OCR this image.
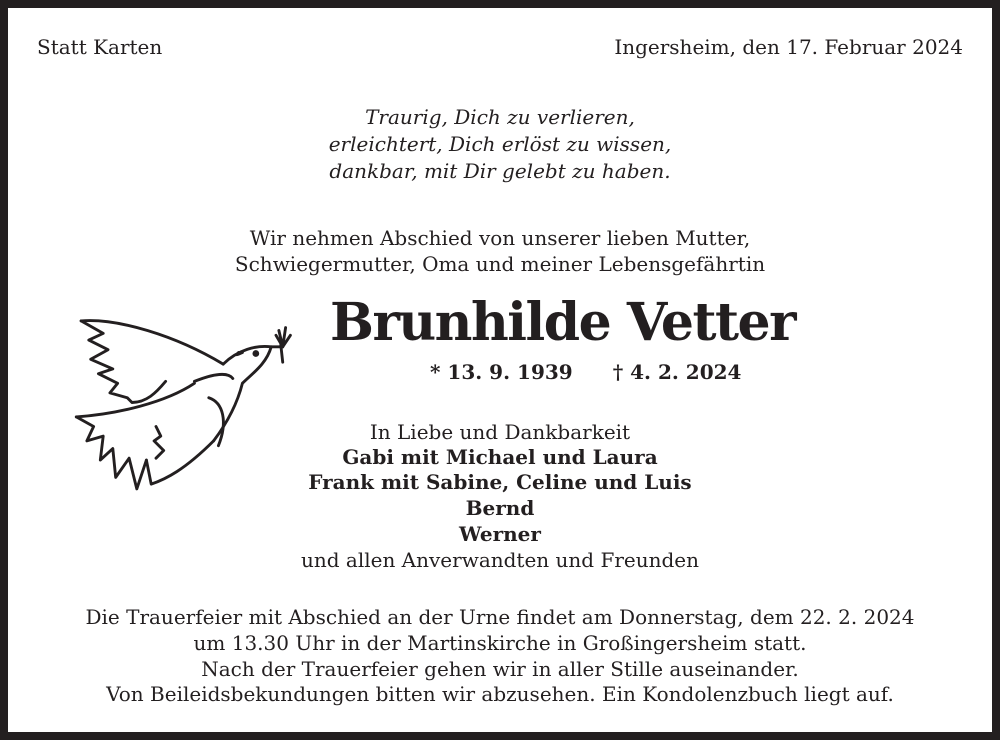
Statt Karten	Ingersheim, den 17. Februar 2024
Traurig, Dich zu verlieren,
erleichtert, Dich erlöst zu wissen,
dankbar, mit Dir gelebt zu haben.
Wir nehmen Abschied von unserer lieben Mutter,
Schwiegermutter, Oma und meiner Lebensgefährtin
Brunhilde Vetter
* 13. 9. 1939 † 4. 2. 2024
In Liebe und Dankbarkeit
Gabi mit Michael und Laura
Frank mit Sabine, Celine und Luis
Bernd
Werner
und allen Anverwandten und Freunden
Die Trauerfeier mit Abschied an der Urne findet am Donnerstag, dem 22. 2. 2024
um 13.30 Uhr in der Martinskirche in Großingersheim statt.
Nach der Trauerfeier gehen wir in aller Stille auseinander.
Von Beileidsbekundungen bitten wir abzusehen. Ein Kondolenzbuch liegt auf.
